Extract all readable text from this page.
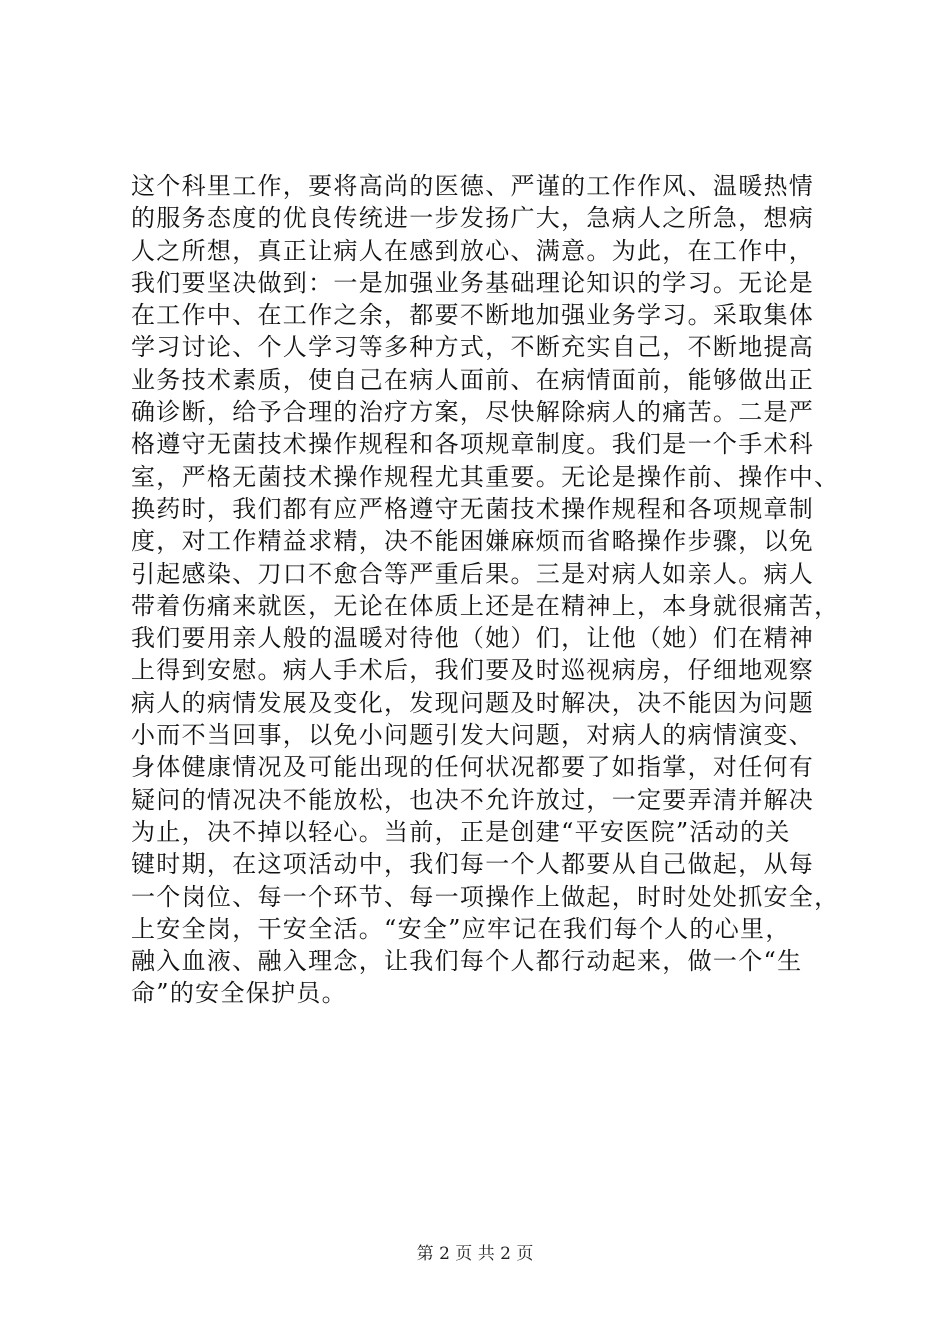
这个科里工作，要将高尚的医德、严谨的工作作风、温暖热情
的服务态度的优良传统进一步发扬广大，急病人之所急，想病
人之所想，真正让病人在感到放心、满意。为此，在工作中，
我们要坚决做到：一是加强业务基础理论知识的学习。无论是
在工作中、在工作之余，都要不断地加强业务学习。采取集体
学习讨论、个人学习等多种方式，不断充实自己，不断地提高
业务技术素质，使自己在病人面前、在病情面前，能够做出正
确诊断，给予合理的治疗方案，尽快解除病人的痛苦。二是严
格遵守无菌技术操作规程和各项规章制度。我们是一个手术科
室，严格无菌技术操作规程尤其重要。无论是操作前、操作中、
换药时，我们都有应严格遵守无菌技术操作规程和各项规章制
度，对工作精益求精，决不能困嫌麻烦而省略操作步骤，以免
引起感染、刀口不愈合等严重后果。三是对病人如亲人。病人
带着伤痛来就医，无论在体质上还是在精神上，本身就很痛苦，
我们要用亲人般的温暖对待他（她）们，让他（她）们在精神
上得到安慰。病人手术后，我们要及时巡视病房，仔细地观察
病人的病情发展及变化，发现问题及时解决，决不能因为问题
小而不当回事，以免小问题引发大问题，对病人的病情演变、
身体健康情况及可能出现的任何状况都要了如指掌，对任何有
疑问的情况决不能放松，也决不允许放过，一定要弄清并解决
为止，决不掉以轻心。当前，正是创建“平安医院”活动的关
键时期，在这项活动中，我们每一个人都要从自己做起，从每
一个岗位、每一个环节、每一项操作上做起，时时处处抓安全，
上安全岗，干安全活。“安全”应牢记在我们每个人的心里，
融入血液、融入理念，让我们每个人都行动起来，做一个“生
命”的安全保护员。
第 2 页 共 2 页
